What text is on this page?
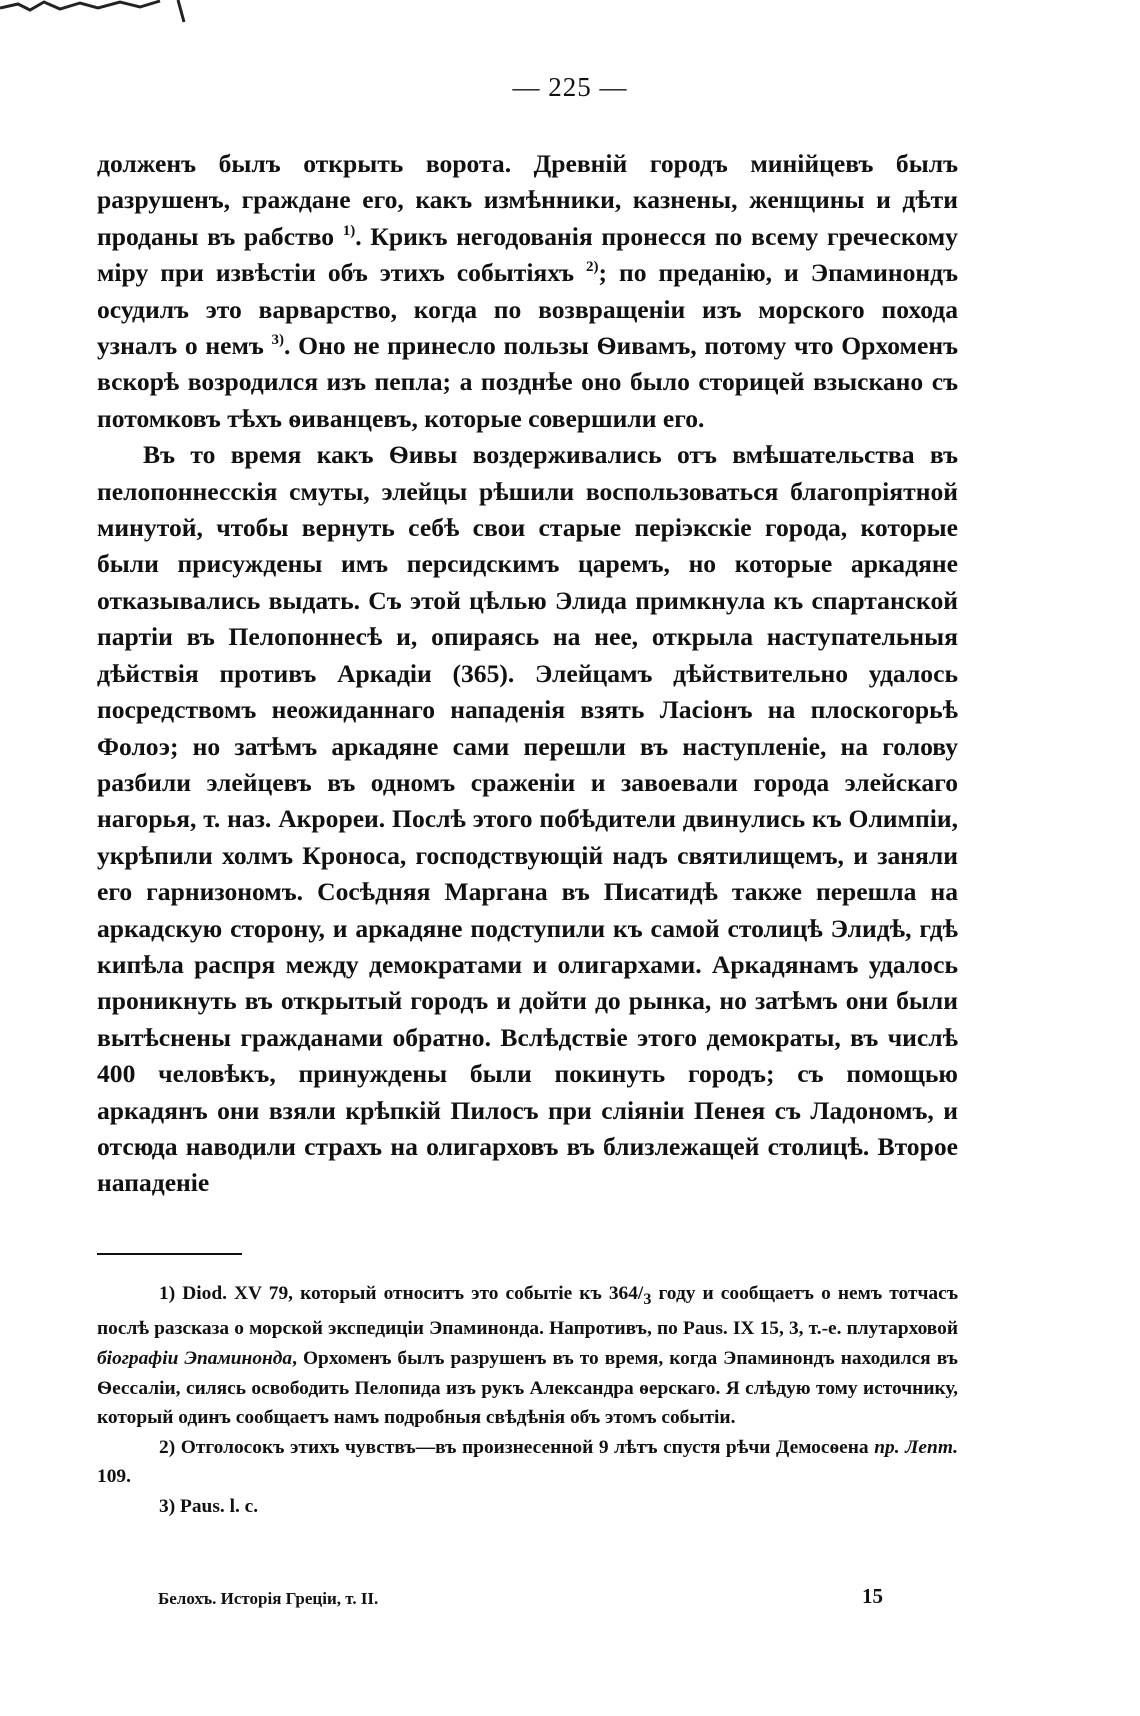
— 225 —

долженъ былъ открыть ворота. Древній городъ минійцевъ былъ разрушенъ, граждане его, какъ измѣнники, казнены, женщины и дѣти проданы въ рабство $^{1)}$. Крикъ негодованія пронесся по всему греческому міру при извѣстіи объ этихъ событіяхъ $^{2)}$; по преданію, и Эпаминондъ осудилъ это варварство, когда по возвращеніи изъ морского похода узналъ о немъ $^{3)}$. Оно не принесло пользы Ѳивамъ, потому что Орхоменъ вскорѣ возродился изъ пепла; а позднѣе оно было сторицей взыскано съ потомковъ тѣхъ ѳиванцевъ, которые совершили его.

Въ то время какъ Ѳивы воздерживались отъ вмѣшательства въ пелопоннесскія смуты, элейцы рѣшили воспользоваться благопріятной минутой, чтобы вернуть себѣ свои старые періэкскіе города, которые были присуждены имъ персидскимъ царемъ, но которые аркадяне отказывались выдать. Съ этой цѣлью Элида примкнула къ спартанской партіи въ Пелопоннесѣ и, опираясь на нее, открыла наступательныя дѣйствія противъ Аркадіи (365). Элейцамъ дѣйствительно удалось посредствомъ неожиданнаго нападенія взять Ласіонъ на плоскогорьѣ Фолоэ; но затѣмъ аркадяне сами перешли въ наступленіе, на голову разбили элейцевъ въ одномъ сраженіи и завоевали города элейскаго нагорья, т. наз. Акрореи. Послѣ этого побѣдители двинулись къ Олимпіи, укрѣпили холмъ Кроноса, господствующій надъ святилищемъ, и заняли его гарнизономъ. Сосѣдняя Маргана въ Писатидѣ также перешла на аркадскую сторону, и аркадяне подступили къ самой столицѣ Элидѣ, гдѣ кипѣла распря между демократами и олигархами. Аркадянамъ удалось проникнуть въ открытый городъ и дойти до рынка, но затѣмъ они были вытѣснены гражданами обратно. Вслѣдствіе этого демократы, въ числѣ 400 человѣкъ, принуждены были покинуть городъ; съ помощью аркадянъ они взяли крѣпкій Пилосъ при сліяніи Пенея съ Ладономъ, и отсюда наводили страхъ на олигарховъ въ близлежащей столицѣ. Второе нападеніе

1) Diod. XV 79, который относитъ это событіе къ $364/_3$ году и сообщаетъ о немъ тотчасъ послѣ разсказа о морской экспедиціи Эпаминонда. Напротивъ, по Paus. IX 15, 3, т.-е. плутарховой біографіи Эпаминонда, Орхоменъ былъ разрушенъ въ то время, когда Эпаминондъ находился въ Ѳессаліи, силясь освободить Пелопида изъ рукъ Александра ѳерскаго. Я слѣдую тому источнику, который одинъ сообщаетъ намъ подробныя свѣдѣнія объ этомъ событіи.

2) Отголосокъ этихъ чувствъ—въ произнесенной 9 лѣтъ спустя рѣчи Демосѳена пр. Лепт. 109.

3) Paus. l. c.

Белохъ. Исторія Греціи, т. II.	15
